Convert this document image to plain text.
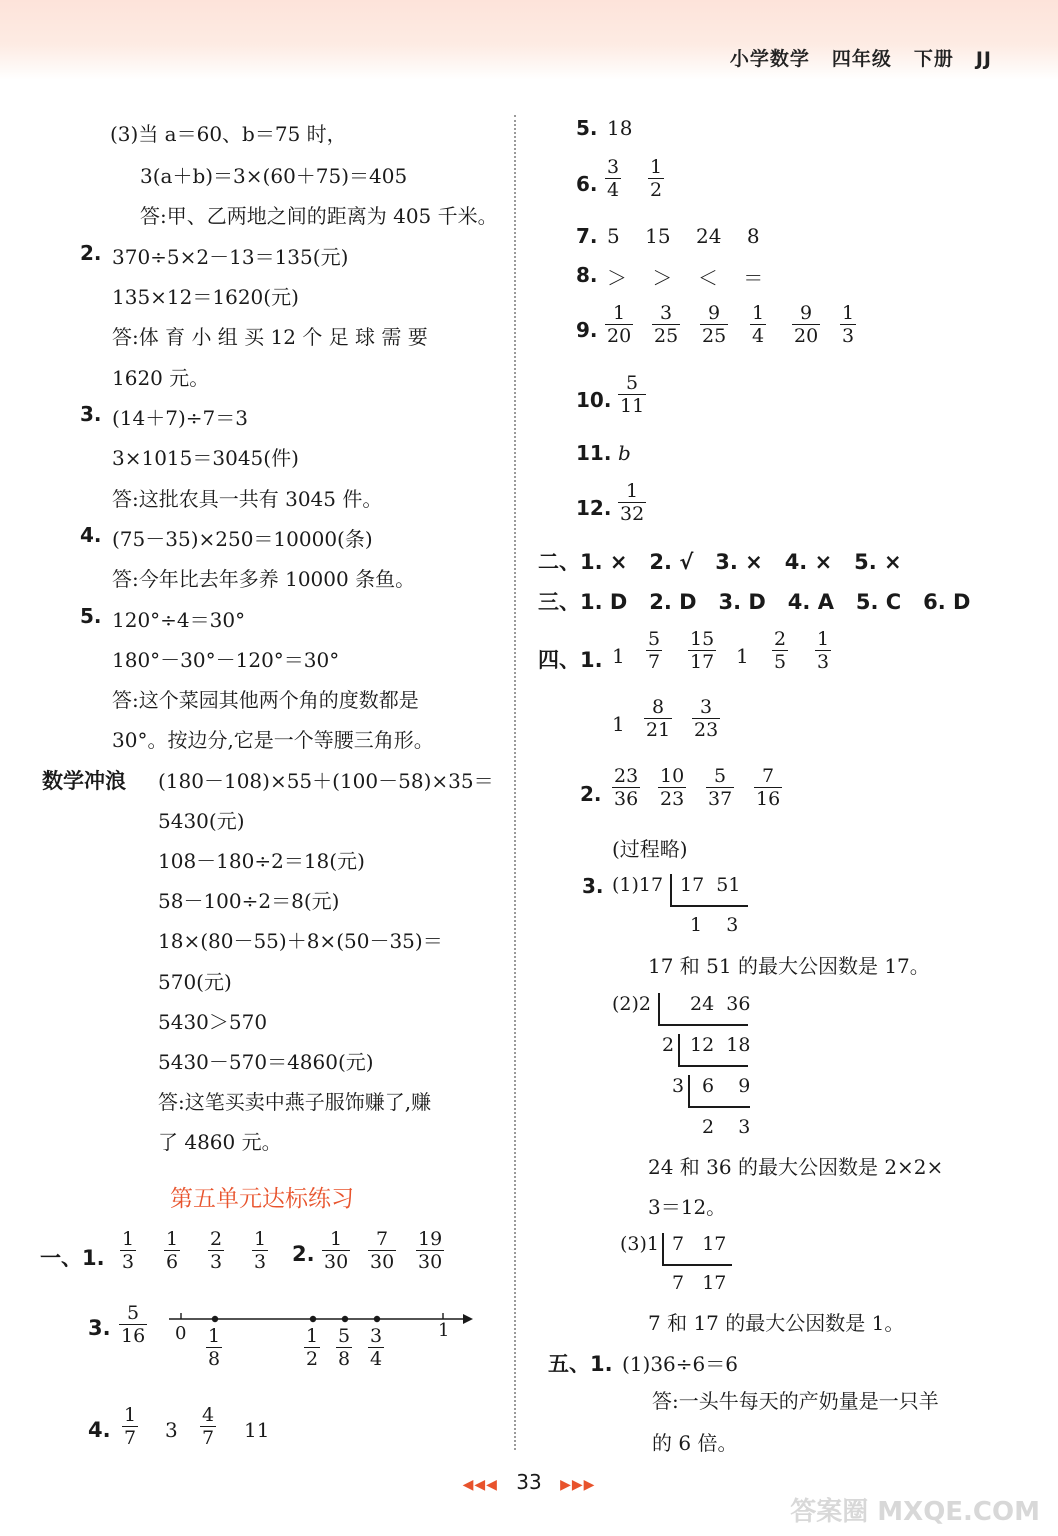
小学数学 四年级 下册 JJ
(3)当 a＝60、b＝75 时，
3(a＋b)＝3×(60＋75)＝405
答:甲、乙两地之间的距离为 405 千米。
2. 370÷5×2－13＝135(元)
135×12＝1620(元)
答:体 育 小 组 买 12 个 足 球 需 要
1620 元。
3. (14＋7)÷7＝3
3×1015＝3045(件)
答:这批农具一共有 3045 件。
4. (75－35)×250＝10000(条)
答:今年比去年多养 10000 条鱼。
5. 120°÷4＝30°
180°－30°－120°＝30°
答:这个菜园其他两个角的度数都是
30°。按边分,它是一个等腰三角形。
数学冲浪 (180－108)×55＋(100－58)×35＝
5430(元)
108－180÷2＝18(元)
58－100÷2＝8(元)
18×(80－55)＋8×(50－35)＝
570(元)
5430＞570
5430－570＝4860(元)
答:这笔买卖中燕子服饰赚了,赚
了 4860 元。
第五单元达标练习
一、1. $\frac{1}{3} \frac{1}{6} \frac{2}{3} \frac{1}{3} 2$. $\frac{1}{30} \frac{7}{30} \frac{19}{30}$
3. $\frac{5}{16} 0$	1
$\frac{1}{8}$	$\frac{1}{2} \frac{5}{8} \frac{3}{4}$
4. $\frac{1}{7} 3 \frac{4}{7} 11$
5. 18
6. $\frac{3}{4} \frac{1}{2}$
7. 5    15    24    8
8. ＞    ＞    ＜    ＝
9. $\frac{1}{20} \frac{3}{25} \frac{9}{25} \frac{1}{4} \frac{9}{20} \frac{1}{3}$
10. $\frac{5}{11}$
11. b
12. $\frac{1}{32}$
二、1. ×   2. √   3. ×   4. ×   5. ×
三、1. D   2. D   3. D   4. A   5. C   6. D
四、1. $1 \frac{5}{7} \frac{15}{17} 1 \frac{2}{5} \frac{1}{3}$
$1 \frac{8}{21} \frac{3}{23}$
2. $\frac{23}{36} \frac{10}{23} \frac{5}{37} \frac{7}{16}$
(过程略)
3. (1)17 17  51
1    3
17 和 51 的最大公因数是 17。
(2)2 24  36
2 12  18
3 6    9
2    3
24 和 36 的最大公因数是 2×2×
3＝12。
(3)1 7   17
7   17
7 和 17 的最大公因数是 1。
五、1. (1)36÷6＝6
答:一头牛每天的产奶量是一只羊
的 6 倍。
◀◀◀ 33 ▶▶▶
答案圈 MXQE.COM
